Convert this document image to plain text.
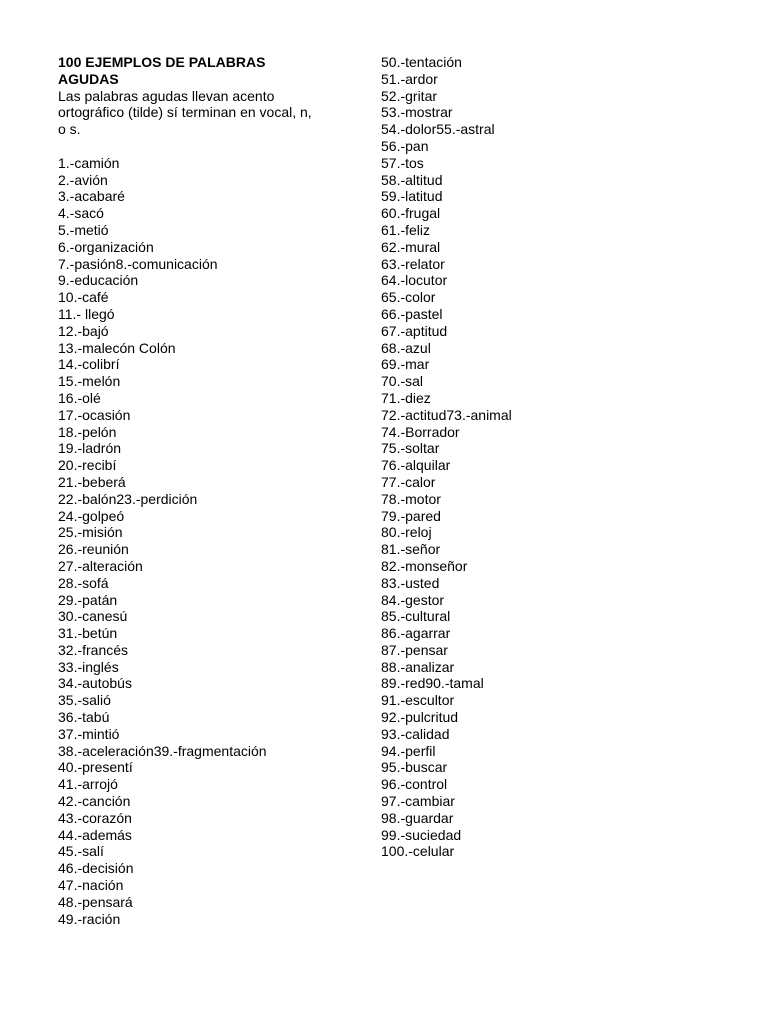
100 EJEMPLOS DE PALABRAS AGUDAS

Las palabras agudas llevan acento ortográfico (tilde) sí terminan en vocal, n, o s.

1.-camión
2.-avión
3.-acabaré
4.-sacó
5.-metió
6.-organización
7.-pasión8.-comunicación
9.-educación
10.-café
11.- llegó
12.-bajó
13.-malecón Colón
14.-colibrí
15.-melón
16.-olé
17.-ocasión
18.-pelón
19.-ladrón
20.-recibí
21.-beberá
22.-balón23.-perdición
24.-golpeó
25.-misión
26.-reunión
27.-alteración
28.-sofá
29.-patán
30.-canesú
31.-betún
32.-francés
33.-inglés
34.-autobús
35.-salió
36.-tabú
37.-mintió
38.-aceleración39.-fragmentación
40.-presentí
41.-arrojó
42.-canción
43.-corazón
44.-además
45.-salí
46.-decisión
47.-nación
48.-pensará
49.-ración
50.-tentación
51.-ardor
52.-gritar
53.-mostrar
54.-dolor55.-astral
56.-pan
57.-tos
58.-altitud
59.-latitud
60.-frugal
61.-feliz
62.-mural
63.-relator
64.-locutor
65.-color
66.-pastel
67.-aptitud
68.-azul
69.-mar
70.-sal
71.-diez
72.-actitud73.-animal
74.-Borrador
75.-soltar
76.-alquilar
77.-calor
78.-motor
79.-pared
80.-reloj
81.-señor
82.-monseñor
83.-usted
84.-gestor
85.-cultural
86.-agarrar
87.-pensar
88.-analizar
89.-red90.-tamal
91.-escultor
92.-pulcritud
93.-calidad
94.-perfil
95.-buscar
96.-control
97.-cambiar
98.-guardar
99.-suciedad
100.-celular
